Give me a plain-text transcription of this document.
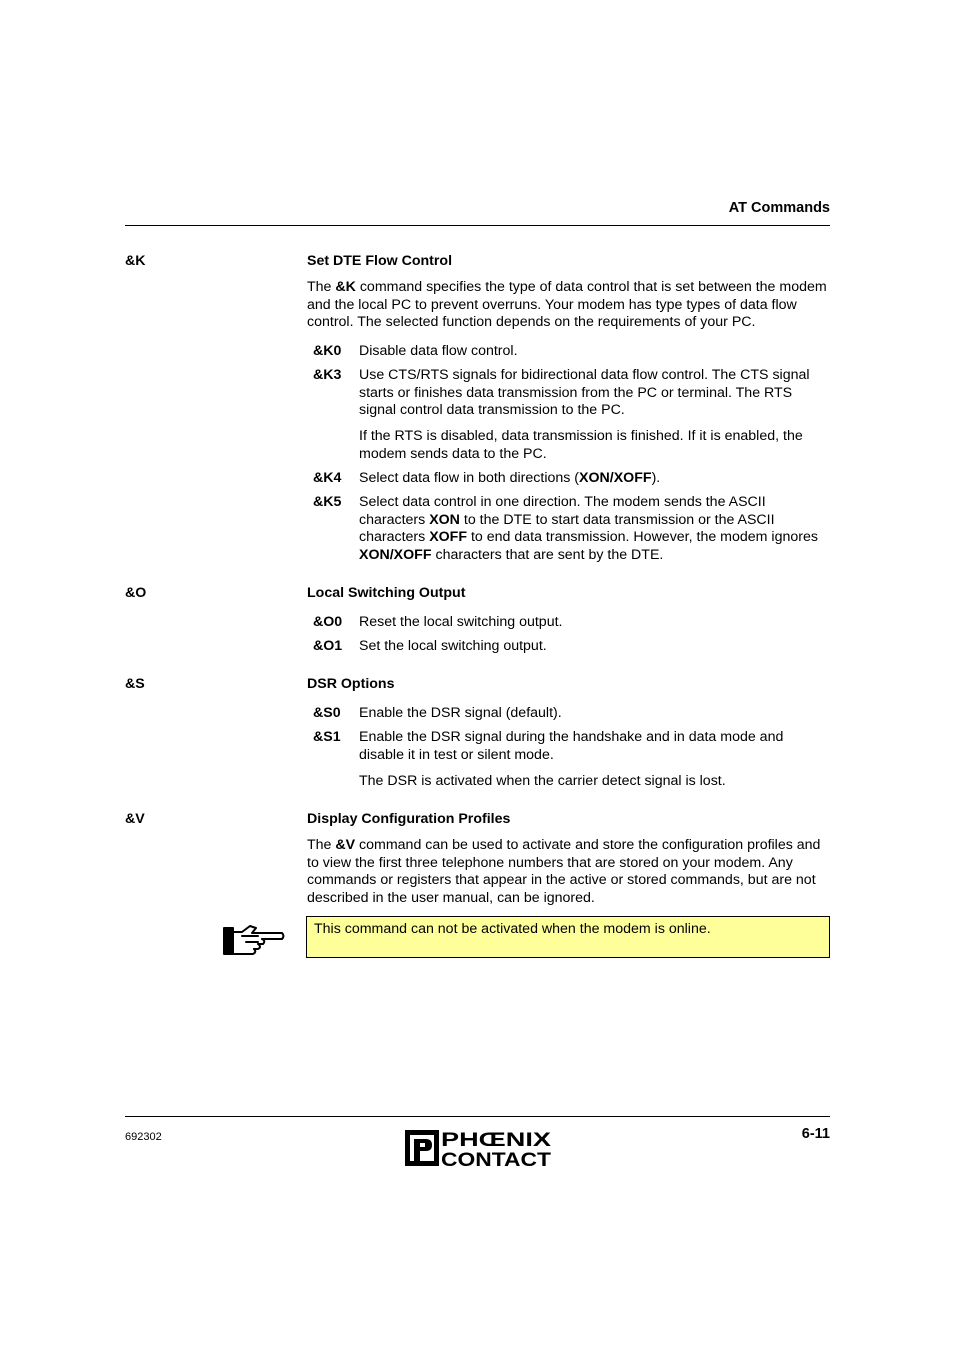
AT Commands
&K	Set DTE Flow Control
The &K command specifies the type of data control that is set between the modem and the local PC to prevent overruns. Your modem has type types of data flow control. The selected function depends on the requirements of your PC.
&K0 Disable data flow control.
&K3 Use CTS/RTS signals for bidirectional data flow control. The CTS signal starts or finishes data transmission from the PC or terminal. The RTS signal control data transmission to the PC.
If the RTS is disabled, data transmission is finished. If it is enabled, the modem sends data to the PC.
&K4 Select data flow in both directions (XON/XOFF).
&K5 Select data control in one direction. The modem sends the ASCII characters XON to the DTE to start data transmission or the ASCII characters XOFF to end data transmission. However, the modem ignores XON/XOFF characters that are sent by the DTE.
&O	Local Switching Output
&O0 Reset the local switching output.
&O1 Set the local switching output.
&S	DSR Options
&S0 Enable the DSR signal (default).
&S1 Enable the DSR signal during the handshake and in data mode and disable it in test or silent mode.
The DSR is activated when the carrier detect signal is lost.
&V	Display Configuration Profiles
The &V command can be used to activate and store the configuration profiles and to view the first three telephone numbers that are stored on your modem. Any commands or registers that appear in the active or stored commands, but are not described in the user manual, can be ignored.
This command can not be activated when the modem is online.
692302	PHŒNIX
CONTACT
6-11
